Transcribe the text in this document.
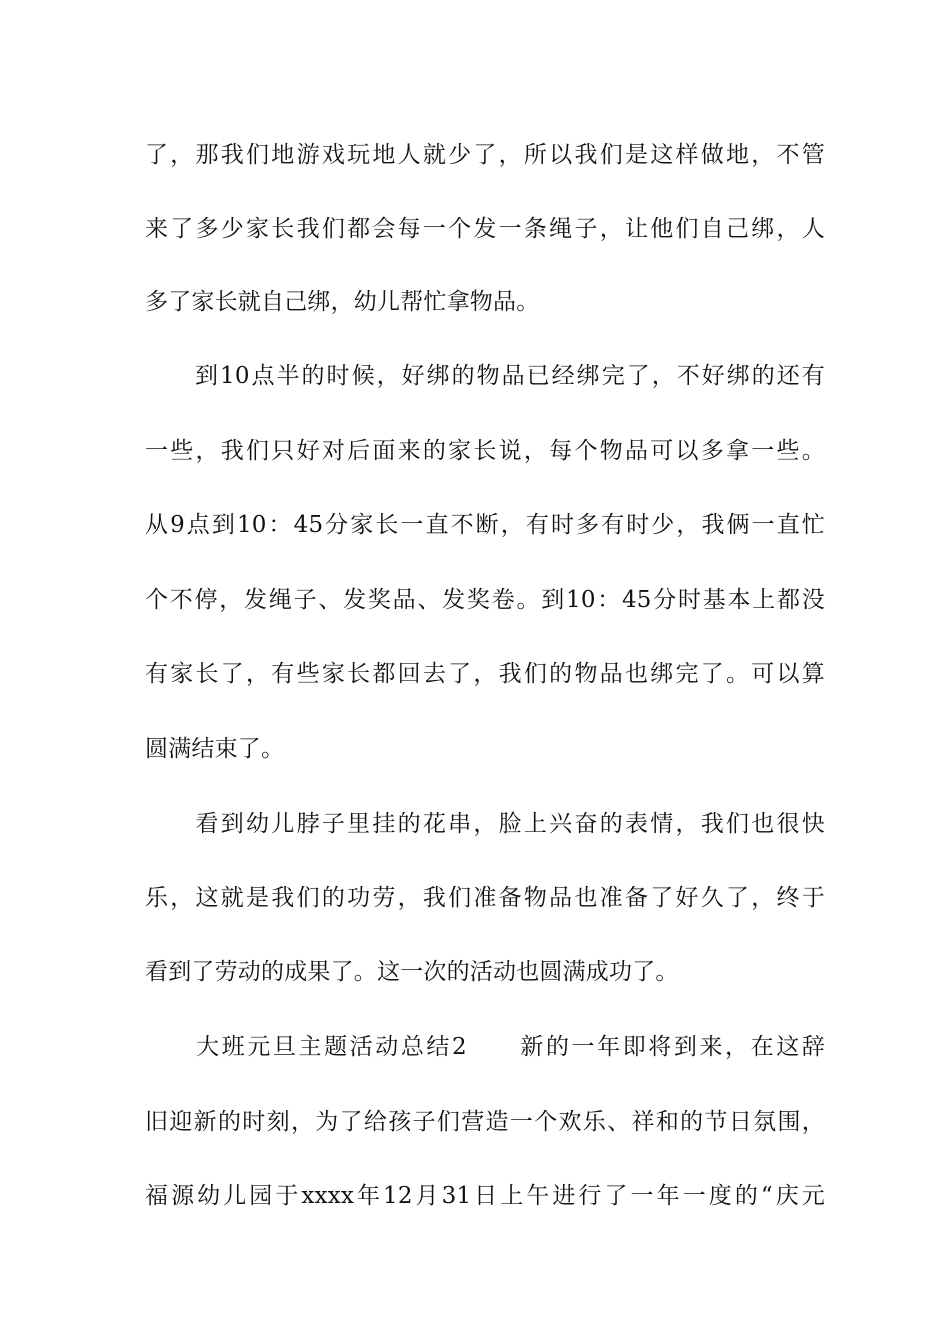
了，那我们地游戏玩地人就少了，所以我们是这样做地，不管
来了多少家长我们都会每一个发一条绳子，让他们自己绑，人
多了家长就自己绑，幼儿帮忙拿物品。
　　到10点半的时候，好绑的物品已经绑完了，不好绑的还有
一些，我们只好对后面来的家长说，每个物品可以多拿一些。
从9点到10：45分家长一直不断，有时多有时少，我俩一直忙
个不停，发绳子、发奖品、发奖卷。到10：45分时基本上都没
有家长了，有些家长都回去了，我们的物品也绑完了。可以算
圆满结束了。
　　看到幼儿脖子里挂的花串，脸上兴奋的表情，我们也很快
乐，这就是我们的功劳，我们准备物品也准备了好久了，终于
看到了劳动的成果了。这一次的活动也圆满成功了。
　　大班元旦主题活动总结2　　新的一年即将到来，在这辞
旧迎新的时刻，为了给孩子们营造一个欢乐、祥和的节日氛围，
福源幼儿园于xxxx年12月31日上午进行了一年一度的“庆元
